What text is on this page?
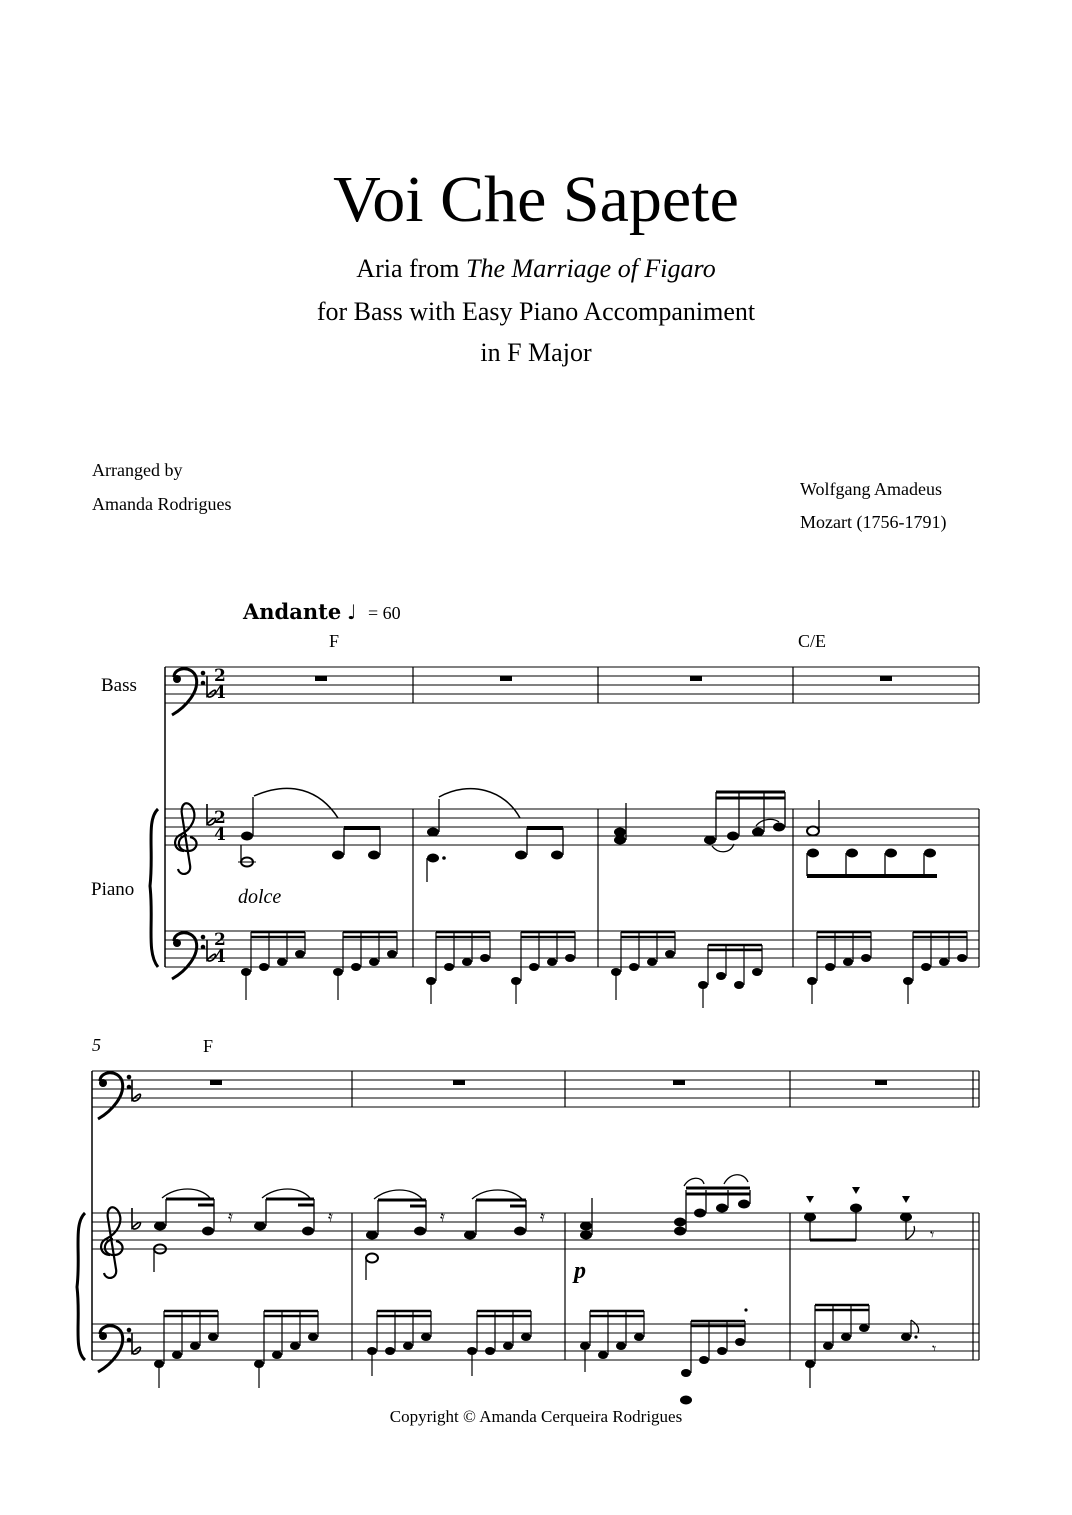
Voi Che Sapete
Aria from The Marriage of Figaro
for Bass with Easy Piano Accompaniment
in F Major
Arranged by
Amanda Rodrigues
Wolfgang Amadeus
Mozart (1756-1791)
Andante ♩ = 60
F	C/E
F
5
Bass
Piano	dolce
p
Copyright © Amanda Cerqueira Rodrigues
2
4
𝄿	𝄿	𝄿	𝄿
𝄾
𝄾
